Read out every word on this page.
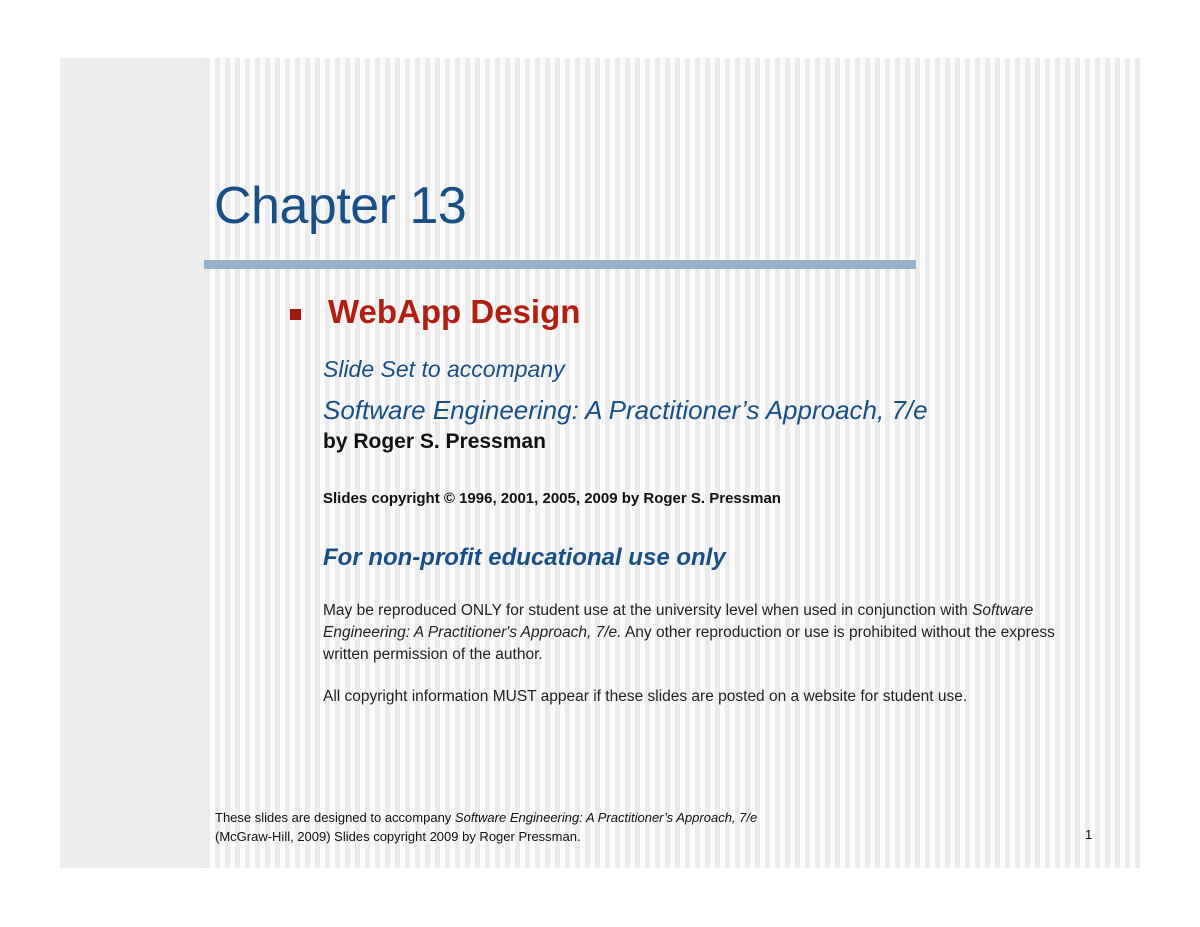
Chapter 13
WebApp Design
Slide Set to accompany
Software Engineering: A Practitioner’s Approach, 7/e
by Roger S. Pressman
Slides copyright © 1996, 2001, 2005, 2009 by Roger S. Pressman
For non-profit educational use only
May be reproduced ONLY for student use at the university level when used in conjunction with Software Engineering: A Practitioner's Approach, 7/e. Any other reproduction or use is prohibited without the express written permission of the author.
All copyright information MUST appear if these slides are posted on a website for student use.
These slides are designed to accompany Software Engineering: A Practitioner’s Approach, 7/e
(McGraw-Hill, 2009) Slides copyright 2009 by Roger Pressman.	1
